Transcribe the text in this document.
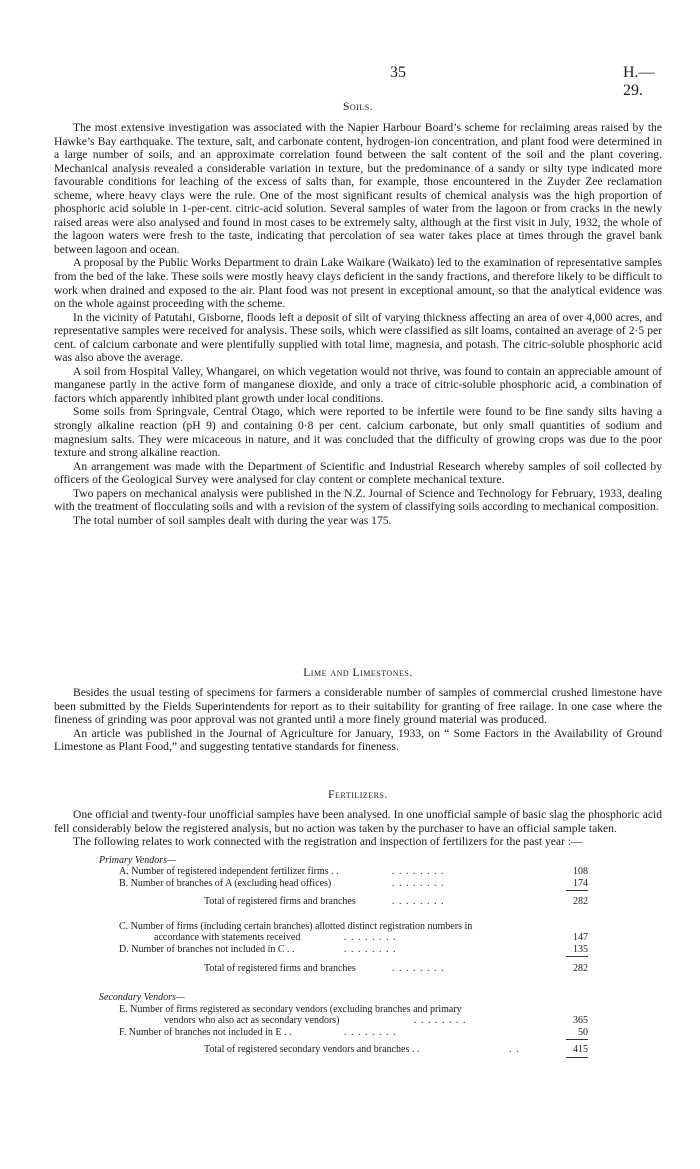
35	H.—29.
Soils.

The most extensive investigation was associated with the Napier Harbour Board’s scheme for reclaiming areas raised by the Hawke’s Bay earthquake. The texture, salt, and carbonate content, hydrogen-ion concentration, and plant food were determined in a large number of soils, and an approximate correlation found between the salt content of the soil and the plant covering. Mechanical analysis revealed a considerable variation in texture, but the predominance of a sandy or silty type indicated more favourable conditions for leaching of the excess of salts than, for example, those encountered in the Zuyder Zee reclamation scheme, where heavy clays were the rule. One of the most significant results of chemical analysis was the high proportion of phosphoric acid soluble in 1-per-cent. citric-acid solution. Several samples of water from the lagoon or from cracks in the newly raised areas were also analysed and found in most cases to be extremely salty, although at the first visit in July, 1932, the whole of the lagoon waters were fresh to the taste, indicating that percolation of sea water takes place at times through the gravel bank between lagoon and ocean.

A proposal by the Public Works Department to drain Lake Waikare (Waikato) led to the examination of representative samples from the bed of the lake. These soils were mostly heavy clays deficient in the sandy fractions, and therefore likely to be difficult to work when drained and exposed to the air. Plant food was not present in exceptional amount, so that the analytical evidence was on the whole against proceeding with the scheme.

In the vicinity of Patutahi, Gisborne, floods left a deposit of silt of varying thickness affecting an area of over 4,000 acres, and representative samples were received for analysis. These soils, which were classified as silt loams, contained an average of 2·5 per cent. of calcium carbonate and were plentifully supplied with total lime, magnesia, and potash. The citric-soluble phosphoric acid was also above the average.

A soil from Hospital Valley, Whangarei, on which vegetation would not thrive, was found to contain an appreciable amount of manganese partly in the active form of manganese dioxide, and only a trace of citric-soluble phosphoric acid, a combination of factors which apparently inhibited plant growth under local conditions.

Some soils from Springvale, Central Otago, which were reported to be infertile were found to be fine sandy silts having a strongly alkaline reaction (pH 9) and containing 0·8 per cent. calcium carbonate, but only small quantities of sodium and magnesium salts. They were micaceous in nature, and it was concluded that the difficulty of growing crops was due to the poor texture and strong alkaline reaction.

An arrangement was made with the Department of Scientific and Industrial Research whereby samples of soil collected by officers of the Geological Survey were analysed for clay content or complete mechanical texture.

Two papers on mechanical analysis were published in the N.Z. Journal of Science and Technology for February, 1933, dealing with the treatment of flocculating soils and with a revision of the system of classifying soils according to mechanical composition.

The total number of soil samples dealt with during the year was 175.

Lime and Limestones.

Besides the usual testing of specimens for farmers a considerable number of samples of commercial crushed limestone have been submitted by the Fields Superintendents for report as to their suitability for granting of free railage. In one case where the fineness of grinding was poor approval was not granted until a more finely ground material was produced.

An article was published in the Journal of Agriculture for January, 1933, on “ Some Factors in the Availability of Ground Limestone as Plant Food,” and suggesting tentative standards for fineness.

Fertilizers.

One official and twenty-four unofficial samples have been analysed. In one unofficial sample of basic slag the phosphoric acid fell considerably below the registered analysis, but no action was taken by the purchaser to have an official sample taken.

The following relates to work connected with the registration and inspection of fertilizers for the past year :—

Primary Vendors—
A. Number of registered independent fertilizer firms . .	. . . . . . . .	108
B. Number of branches of A (excluding head offices)	. . . . . . . .	174
Total of registered firms and branches	. . . . . . . .	282
C. Number of firms (including certain branches) allotted distinct registration numbers in
accordance with statements received	. . . . . . . .	147
D. Number of branches not included in C . .	. . . . . . . .	135
Total of registered firms and branches	. . . . . . . .	282
Secondary Vendors—
E. Number of firms registered as secondary vendors (excluding branches and primary
vendors who also act as secondary vendors)	. . . . . . . .	365
F. Number of branches not included in E . .	. . . . . . . .	50
Total of registered secondary vendors and branches . .	. .	415
